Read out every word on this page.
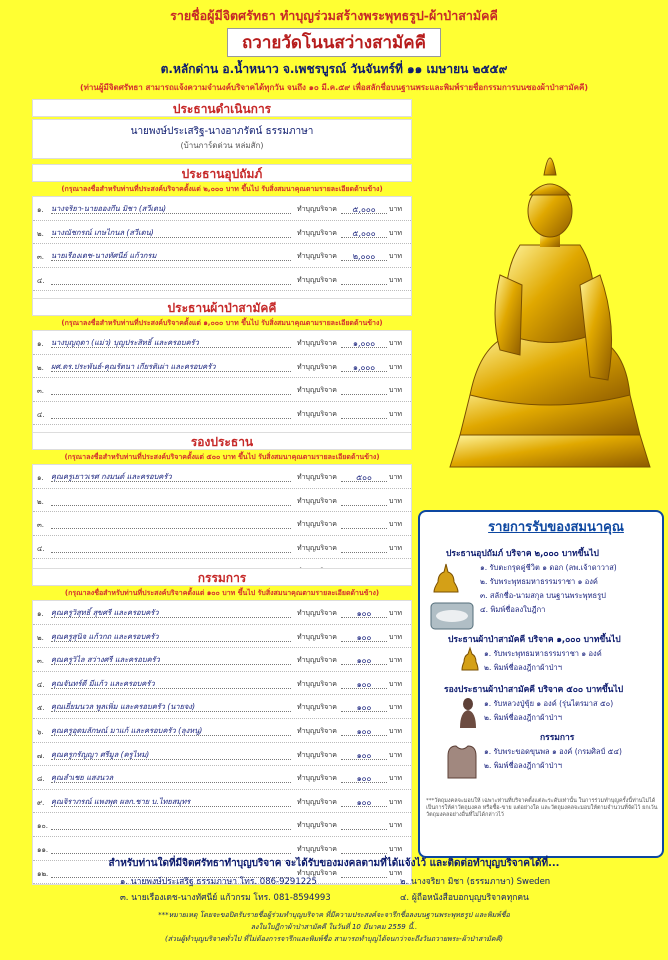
รายชื่อผู้มีจิตศรัทธา ทำบุญร่วมสร้างพระพุทธรูป-ผ้าป่าสามัคคี
ถวายวัดโนนสว่างสามัคคี
ต.หลักด่าน อ.น้ำหนาว จ.เพชรบูรณ์ วันจันทร์ที่ ๑๑ เมษายน ๒๕๕๙
(ท่านผู้มีจิตศรัทธา สามารถแจ้งความจำนงค์บริจาคได้ทุกวัน จนถึง ๑๐ มี.ค.๕๙ เพื่อสลักชื่อบนฐานพระและพิมพ์รายชื่อกรรมการบนซองผ้าป่าสามัคคี)
ประธานดำเนินการ
นายพงษ์ประเสริฐ-นางอาภรัตน์ ธรรมภาษา
(บ้านการ์ดด่วน หล่มสัก)
ประธานอุปถัมภ์
(กรุณาลงชื่อสำหรับท่านที่ประสงค์บริจาคตั้งแต่ ๒,๐๐๐ บาท ขึ้นไป รับสิ่งสมนาคุณตามรายละเอียดด้านข้าง)
๑. นางจริยา-นายอองกึน มิชา (สวีเดน)	ทำบุญบริจาค	๕,๐๐๐	บาท
๒. นางณัชกรณ์ เกษไกนล (สวีเดน)	ทำบุญบริจาค	๕,๐๐๐	บาท
๓. นายเรืองเดช-นางทัศนีย์ แก้วกรม	ทำบุญบริจาค	๒,๐๐๐	บาท
๔.	ทำบุญบริจาค	บาท
ประธานผ้าป่าสามัคคี
(กรุณาลงชื่อสำหรับท่านที่ประสงค์บริจาคตั้งแต่ ๑,๐๐๐ บาท ขึ้นไป รับสิ่งสมนาคุณตามรายละเอียดด้านข้าง)
๑. นางบุญฤดา (แม่ว) บุญประสิทธิ์ และครอบครัว	ทำบุญบริจาค	๑,๐๐๐	บาท
๒. ผศ.ดร.ประพันธ์-คุณรัตนา เกียรติเผ่า และครอบครัว	ทำบุญบริจาค	๑,๐๐๐	บาท
๓.	ทำบุญบริจาค	บาท
๔.	ทำบุญบริจาค	บาท
รองประธาน
(กรุณาลงชื่อสำหรับท่านที่ประสงค์บริจาคตั้งแต่ ๕๐๐ บาท ขึ้นไป รับสิ่งสมนาคุณตามรายละเอียดด้านข้าง)
๑. คุณครูเยาวเรศ กงมนต์ และครอบครัว	ทำบุญบริจาค	๕๐๐	บาท
๒.	ทำบุญบริจาค	บาท
๓.	ทำบุญบริจาค	บาท
๔.	ทำบุญบริจาค	บาท
กรรมการ
(กรุณาลงชื่อสำหรับท่านที่ประสงค์บริจาคตั้งแต่ ๑๐๐ บาท ขึ้นไป รับสิ่งสมนาคุณตามรายละเอียดด้านข้าง)
๑. คุณครูวิสุทธิ์ สุขศรี และครอบครัว	ทำบุญบริจาค	๑๐๐	บาท
๒. คุณครูสุนิจ แก้วกถ และครอบครัว	ทำบุญบริจาค	๑๐๐	บาท
๓. คุณครูวิไล สว่างศรี และครอบครัว	ทำบุญบริจาค	๑๐๐	บาท
๔. คุณจันทร์ดี มีแก้ว และครอบครัว	ทำบุญบริจาค	๑๐๐	บาท
๕. คุณเยี่ยมนวล พูลเพิ่ม และครอบครัว (นายจง)	ทำบุญบริจาค	๑๐๐	บาท
๖. คุณครูอุดมลักษณ์ มาแก้ และครอบครัว (ลุงหนู)	ทำบุญบริจาค	๑๐๐	บาท
๗. คุณครูกรัญญา ศรีมูล (ครูไหม)	ทำบุญบริจาค	๑๐๐	บาท
๘. คุณลำเชย แสงนวล	ทำบุญบริจาค	๑๐๐	บาท
๙. คุณจิราภรณ์ แพงพุด ผลก.ชาย บ.ไทยสมุทร	ทำบุญบริจาค	๑๐๐	บาท
๑๐.	ทำบุญบริจาค	บาท
๑๑.	ทำบุญบริจาค	บาท
๑๒.	ทำบุญบริจาค	บาท
รายการรับของสมนาคุณ
ประธานอุปถัมภ์ บริจาค ๒,๐๐๐ บาทขึ้นไป
๑. รับตะกรุดคู่ชีวิต ๑ ดอก (ลพ.เจ้าดาวาส)
๒. รับพระพุทธมหาธรรมราชา ๑ องค์
๓. สลักชื่อ-นามสกุล บนฐานพระพุทธรูป
๔. พิมพ์ชื่อลงใบฎีกา
ประธานผ้าป่าสามัคคี บริจาค ๑,๐๐๐ บาทขึ้นไป
๑. รับพระพุทธมหาธรรมราชา ๑ องค์
๒. พิมพ์ชื่อลงฎีกาผ้าป่าฯ
รองประธานผ้าป่าสามัคคี บริจาค ๕๐๐ บาทขึ้นไป
๑. รับหลวงปู่ขุ้ย ๑ องค์ (รุ่นไตรมาส ๕๐)
๒. พิมพ์ชื่อลงฎีกาผ้าป่าฯ
กรรมการ
๑. รับพระขอดขุนพล ๑ องค์ (กรมศิลป์ ๕๔)
๒. พิมพ์ชื่อลงฎีกาผ้าป่าฯ
***วัตถุมงคลจะมอบให้ เฉพาะท่านที่บริจาคตั้งแต่ละระดับเท่านั้น ในการร่วมทำบุญครั้งนี้ท่านไม่ได้เป็นการให้ค่าวัตถุมงคล หรือซื้อ-ขาย แต่อย่างใด และวัตถุมงคลจะมอบให้ตามจำนวนที่จัดไว้ ยกเว้นวัตถุมงคลอย่างอื่นที่ไม่ได้กล่าวไว้
สำหรับท่านใดที่มีจิตศรัทธาทำบุญบริจาค จะได้รับของมงคลตามที่ได้แจ้งไว้ และติดต่อทำบุญบริจาคได้ที่...
๑. นายพงษ์ประเสริฐ ธรรมภาษา โทร. 086-9291225	๒. นางจริยา มิชา (ธรรมภาษา) Sweden
๓. นายเรืองเดช-นางทัศนีย์ แก้วกรม โทร. 081-8594993	๔. ผู้ถือหนังสือบอกบุญบริจาคทุกคน
***หมายเหตุ โดยจะขอปิดรับรายชื่อผู้ร่วมทำบุญบริจาค ที่มีความประสงค์จะจารึกชื่อลงบนฐานพระพุทธรูป และพิมพ์ชื่อ
ลงในใบฎีกาผ้าป่าสามัคคี ในวันที่ 10 มีนาคม 2559 นี้..
(ส่วนผู้ทำบุญบริจาคทั่วไป ที่ไม่ต้องการจารึกและพิมพ์ชื่อ สามารถทำบุญได้จนกว่าจะถึงวันถวายพระ-ผ้าป่าสามัคคี)
